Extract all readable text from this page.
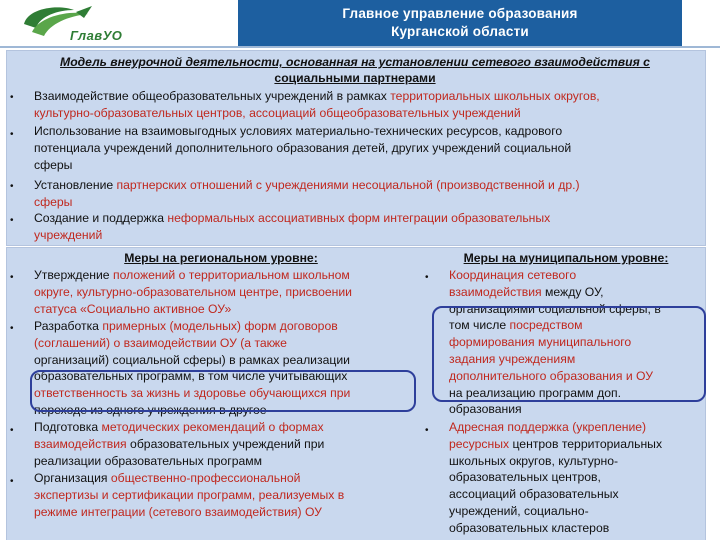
Главное управление образования
Курганской области
ГлавУО
Модель внеурочной деятельности, основанная на установлении сетевого взаимодействия с
социальными партнерами
• Взаимодействие общеобразовательных учреждений в рамках территориальных школьных округов,
культурно-образовательных центров, ассоциаций общеобразовательных учреждений
• Использование на взаимовыгодных условиях материально-технических ресурсов, кадрового
потенциала учреждений дополнительного образования детей, других учреждений социальной
сферы
• Установление партнерских отношений с учреждениями несоциальной (производственной и др.)
сферы
• Создание и поддержка неформальных ассоциативных форм интеграции образовательных
учреждений
Меры на региональном уровне:
• Утверждение положений о территориальном школьном
округе, культурно-образовательном центре, присвоении
статуса «Социально активное ОУ»
• Разработка примерных (модельных) форм договоров
(соглашений) о взаимодействии ОУ (а также
организаций) социальной сферы) в рамках реализации
образовательных программ, в том числе учитывающих
ответственность за жизнь и здоровье обучающихся при
переходе из одного учреждения в другое
• Подготовка методических рекомендаций о формах
взаимодействия образовательных учреждений при
реализации образовательных программ
• Организация общественно-профессиональной
экспертизы и сертификации программ, реализуемых в
режиме интеграции (сетевого взаимодействия) ОУ
Меры на муниципальном уровне:
• Координация сетевого
взаимодействия между ОУ,
организациями социальной сферы, в
том числе посредством
формирования муниципального
задания учреждениям
дополнительного образования и ОУ
на реализацию программ доп.
образования
• Адресная поддержка (укрепление)
ресурсных центров территориальных
школьных округов, культурно-
образовательных центров,
ассоциаций образовательных
учреждений, социально-
образовательных кластеров
